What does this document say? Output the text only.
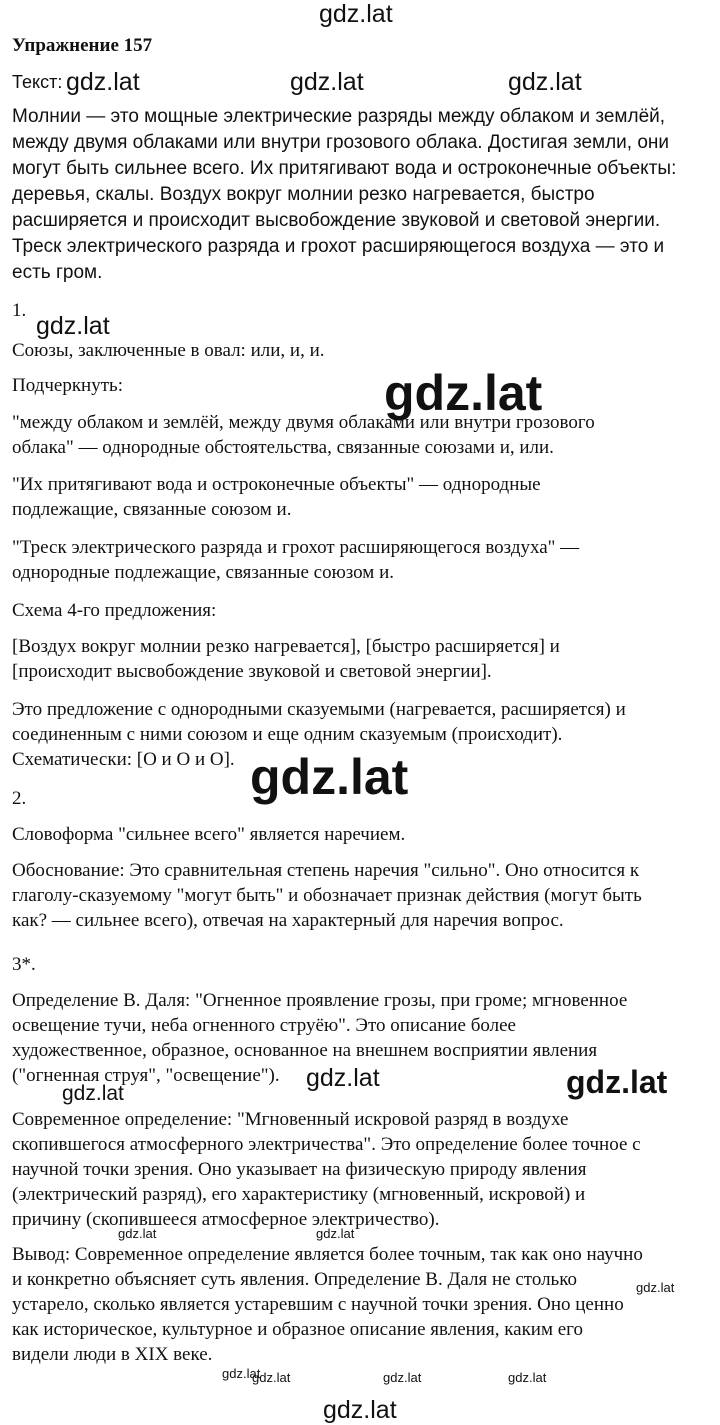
gdz.lat
Упражнение 157
Текст: gdz.lat	gdz.lat	gdz.lat
Молнии — это мощные электрические разряды между облаком и землёй,
между двумя облаками или внутри грозового облака. Достигая земли, они
могут быть сильнее всего. Их притягивают вода и остроконечные объекты:
деревья, скалы. Воздух вокруг молнии резко нагревается, быстро
расширяется и происходит высвобождение звуковой и световой энергии.
Треск электрического разряда и грохот расширяющегося воздуха — это и
есть гром.
1.
gdz.lat
Союзы, заключенные в овал: или, и, и.
Подчеркнуть:	gdz.lat
"между облаком и землёй, между двумя облаками или внутри грозового
облака" — однородные обстоятельства, связанные союзами и, или.
"Их притягивают вода и остроконечные объекты" — однородные
подлежащие, связанные союзом и.
"Треск электрического разряда и грохот расширяющегося воздуха" —
однородные подлежащие, связанные союзом и.
Схема 4-го предложения:
[Воздух вокруг молнии резко нагревается], [быстро расширяется] и
[происходит высвобождение звуковой и световой энергии].
Это предложение с однородными сказуемыми (нагревается, расширяется) и
соединенным с ними союзом и еще одним сказуемым (происходит).
Схематически: [О и О и О]. gdz.lat
2.
Словоформа "сильнее всего" является наречием.
Обоснование: Это сравнительная степень наречия "сильно". Оно относится к
глаголу-сказуемому "могут быть" и обозначает признак действия (могут быть
как? — сильнее всего), отвечая на характерный для наречия вопрос.
3*.
Определение В. Даля: "Огненное проявление грозы, при громе; мгновенное
освещение тучи, неба огненного струёю". Это описание более
художественное, образное, основанное на внешнем восприятии явления
("огненная струя", "освещение").	gdz.lat	gdz.lat
gdz.lat
Современное определение: "Мгновенный искровой разряд в воздухе
скопившегося атмосферного электричества". Это определение более точное с
научной точки зрения. Оно указывает на физическую природу явления
(электрический разряд), его характеристику (мгновенный, искровой) и
причину (скопившееся атмосферное электричество).
gdz.lat	gdz.lat
Вывод: Современное определение является более точным, так как оно научно
и конкретно объясняет суть явления. Определение В. Даля не столько
устарело, сколько является устаревшим с научной точки зрения. Оно ценно
как историческое, культурное и образное описание явления, каким его
видели люди в XIX веке.
gdz.lat
gdz.lat
gdz.lat	gdz.lat	gdz.lat
gdz.lat
